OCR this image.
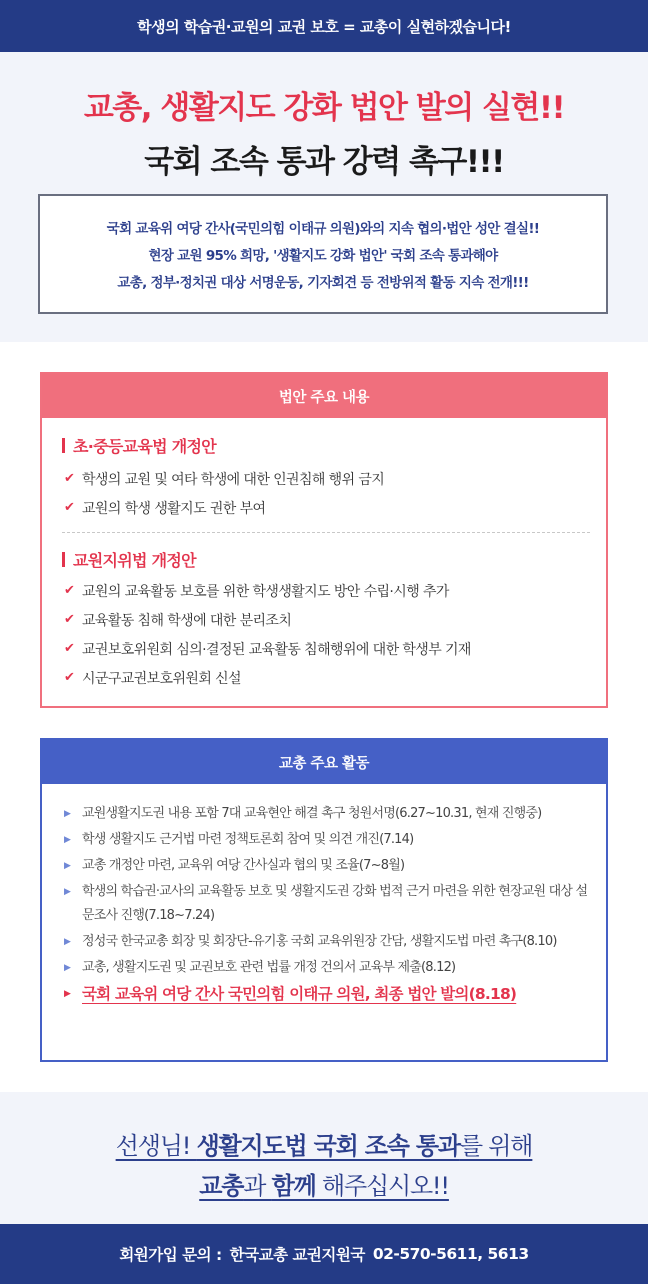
학생의 학습권·교원의 교권 보호 = 교총이 실현하겠습니다!
교총, 생활지도 강화 법안 발의 실현!!
국회 조속 통과 강력 촉구!!!

국회 교육위 여당 간사(국민의힘 이태규 의원)와의 지속 협의·법안 성안 결실!!

현장 교원 95% 희망, '생활지도 강화 법안' 국회 조속 통과해야

교총, 정부·정치권 대상 서명운동, 기자회견 등 전방위적 활동 지속 전개!!!

법안 주요 내용
초·중등교육법 개정안
✔ 학생의 교원 및 여타 학생에 대한 인권침해 행위 금지
✔ 교원의 학생 생활지도 권한 부여
교원지위법 개정안
✔ 교원의 교육활동 보호를 위한 학생생활지도 방안 수립·시행 추가
✔ 교육활동 침해 학생에 대한 분리조치
✔ 교권보호위원회 심의·결정된 교육활동 침해행위에 대한 학생부 기재
✔ 시군구교권보호위원회 신설
교총 주요 활동
▶ 교원생활지도권 내용 포함 7대 교육현안 해결 촉구 청원서명(6.27~10.31, 현재 진행중)
▶ 학생 생활지도 근거법 마련 정책토론회 참여 및 의견 개진(7.14)
▶ 교총 개정안 마련, 교육위 여당 간사실과 협의 및 조율(7~8월)
▶ 학생의 학습권·교사의 교육활동 보호 및 생활지도권 강화 법적 근거 마련을 위한 현장교원 대상 설문조사 진행(7.18~7.24)
▶ 정성국 한국교총 회장 및 회장단-유기홍 국회 교육위원장 간담, 생활지도법 마련 촉구(8.10)
▶ 교총, 생활지도권 및 교권보호 관련 법률 개정 건의서 교육부 제출(8.12)
▶ 국회 교육위 여당 간사 국민의힘 이태규 의원, 최종 법안 발의(8.18)

선생님! 생활지도법 국회 조속 통과를 위해

교총과 함께 해주십시오!!

회원가입 문의 : 한국교총 교권지원국 02-570-5611, 5613
